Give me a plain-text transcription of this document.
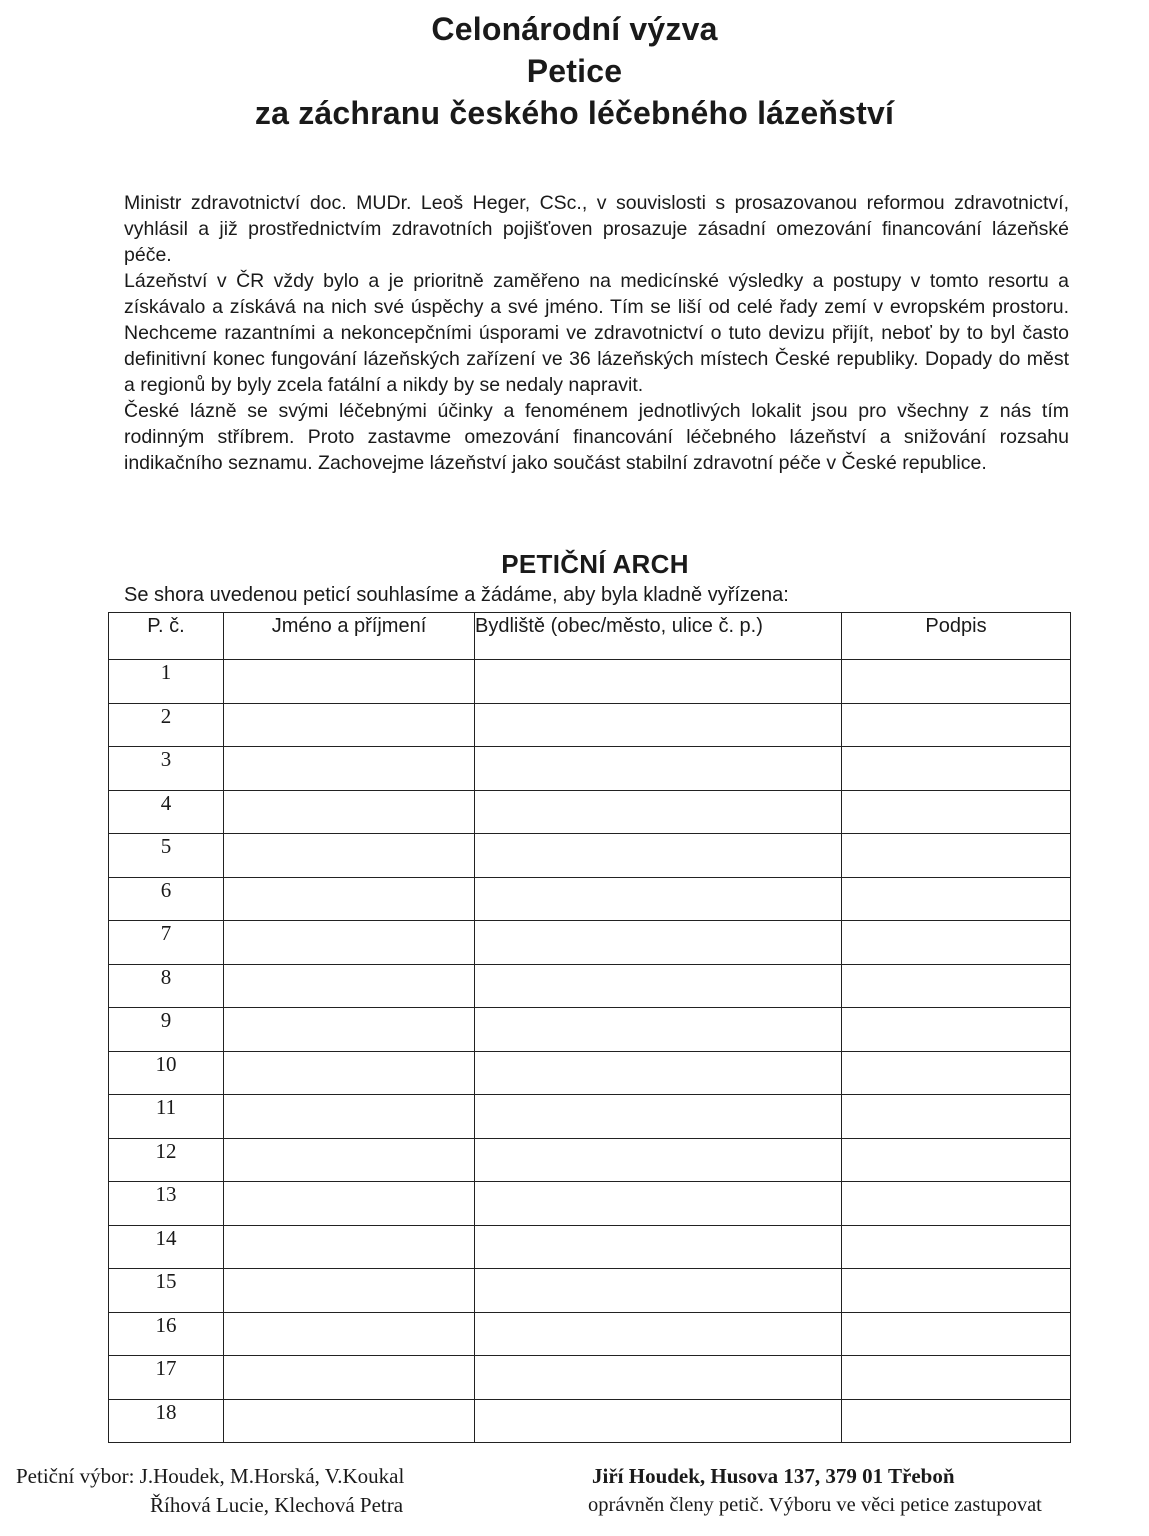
Celonárodní výzva
Petice
za záchranu českého léčebného lázeňství

Ministr zdravotnictví doc. MUDr. Leoš Heger, CSc., v souvislosti s prosazovanou reformou zdravotnictví, vyhlásil a již prostřednictvím zdravotních pojišťoven prosazuje zásadní omezování financování lázeňské péče.

Lázeňství v ČR vždy bylo a je prioritně zaměřeno na medicínské výsledky a postupy v tomto resortu a získávalo a získává na nich své úspěchy a své jméno. Tím se liší od celé řady zemí v evropském prostoru. Nechceme razantními a nekoncepčními úsporami ve zdravotnictví o tuto devizu přijít, neboť by to byl často definitivní konec fungování lázeňských zařízení ve 36 lázeňských místech České republiky. Dopady do měst a regionů by byly zcela fatální a nikdy by se nedaly napravit.

České lázně se svými léčebnými účinky a fenoménem jednotlivých lokalit jsou pro všechny z nás tím rodinným stříbrem. Proto zastavme omezování financování léčebného lázeňství a snižování rozsahu indikačního seznamu. Zachovejme lázeňství jako součást stabilní zdravotní péče v České republice.

PETIČNÍ ARCH
Se shora uvedenou peticí souhlasíme a žádáme, aby byla kladně vyřízena:
P. č.	Jméno a příjmení	Bydliště (obec/město, ulice č. p.)	Podpis
1			
2			
3			
4			
5			
6			
7			
8			
9			
10			
11			
12			
13			
14			
15			
16			
17			
18			
Petiční výbor: J.Houdek, M.Horská, V.Koukal
Říhová Lucie, Klechová Petra
Jiří Houdek, Husova 137, 379 01 Třeboň
oprávněn členy petič. Výboru ve věci petice zastupovat
